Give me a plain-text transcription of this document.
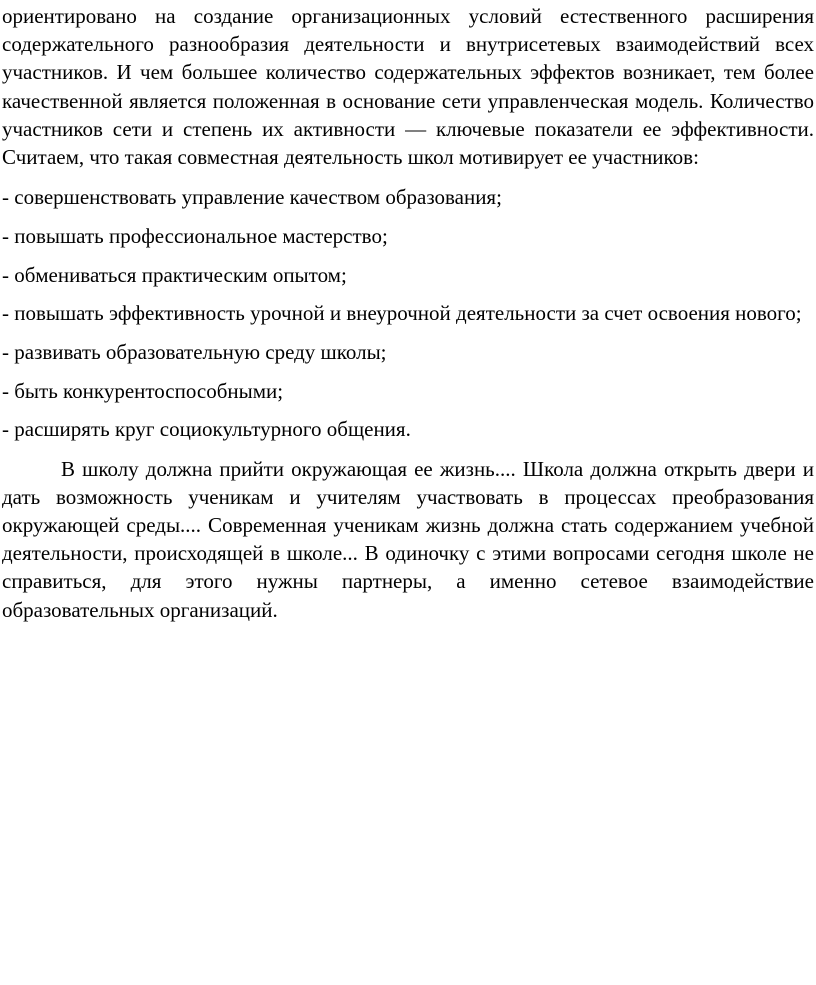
ориентировано на создание организационных условий естественного расширения содержательного разнообразия деятельности и внутрисетевых взаимодействий всех участников. И чем большее количество содержательных эффектов возникает, тем более качественной является положенная в основание сети управленческая модель. Количество участников сети и степень их активности — ключевые показатели ее эффективности. Считаем, что такая совместная деятельность школ мотивирует ее участников:

- совершенствовать управление качеством образования;
- повышать профессиональное мастерство;
- обмениваться практическим опытом;
- повышать эффективность урочной и внеурочной деятельности за счет освоения нового;
- развивать образовательную среду школы;
- быть конкурентоспособными;
- расширять круг социокультурного общения.

В школу должна прийти окружающая ее жизнь.... Школа должна открыть двери и дать возможность ученикам и учителям участвовать в процессах преобразования окружающей среды.... Современная ученикам жизнь должна стать содержанием учебной деятельности, происходящей в школе... В одиночку с этими вопросами сегодня школе не справиться, для этого нужны партнеры, а именно сетевое взаимодействие образовательных организаций.
